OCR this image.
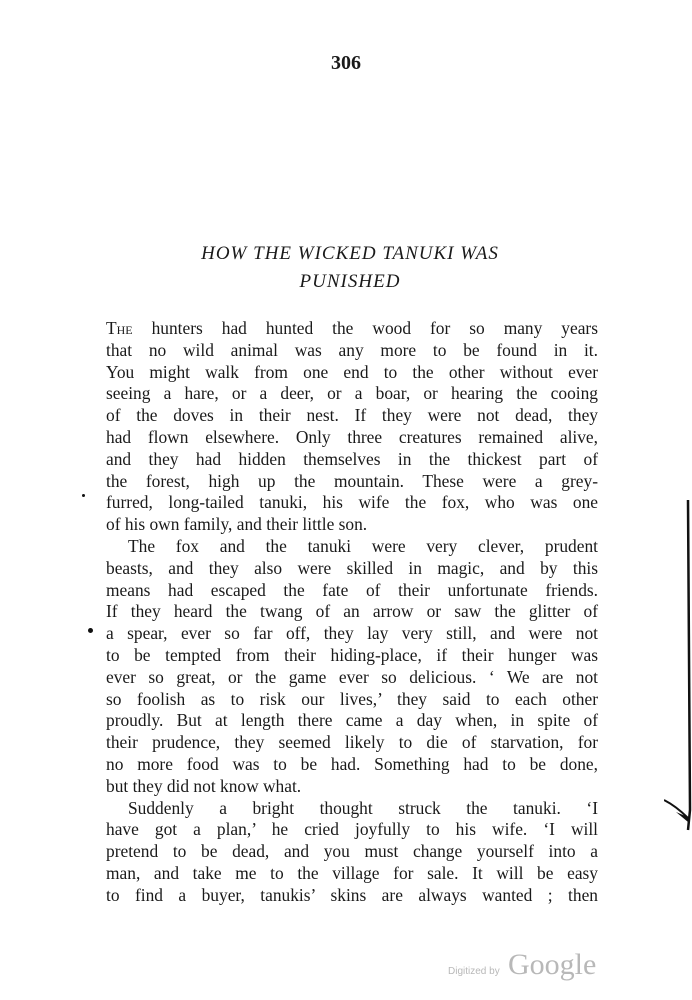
306
HOW THE WICKED TANUKI WAS
PUNISHED

The hunters had hunted the wood for so many years
that no wild animal was any more to be found in it.
You might walk from one end to the other without ever
seeing a hare, or a deer, or a boar, or hearing the cooing
of the doves in their nest. If they were not dead, they
had flown elsewhere. Only three creatures remained alive,
and they had hidden themselves in the thickest part of
the forest, high up the mountain. These were a grey-
furred, long-tailed tanuki, his wife the fox, who was one
of his own family, and their little son.

The fox and the tanuki were very clever, prudent
beasts, and they also were skilled in magic, and by this
means had escaped the fate of their unfortunate friends.
If they heard the twang of an arrow or saw the glitter of
a spear, ever so far off, they lay very still, and were not
to be tempted from their hiding-place, if their hunger was
ever so great, or the game ever so delicious. ‘ We are not
so foolish as to risk our lives,’ they said to each other
proudly. But at length there came a day when, in spite of
their prudence, they seemed likely to die of starvation, for
no more food was to be had. Something had to be done,
but they did not know what.

Suddenly a bright thought struck the tanuki. ‘I
have got a plan,’ he cried joyfully to his wife. ‘I will
pretend to be dead, and you must change yourself into a
man, and take me to the village for sale. It will be easy
to find a buyer, tanukis’ skins are always wanted ; then

Digitized by Google
